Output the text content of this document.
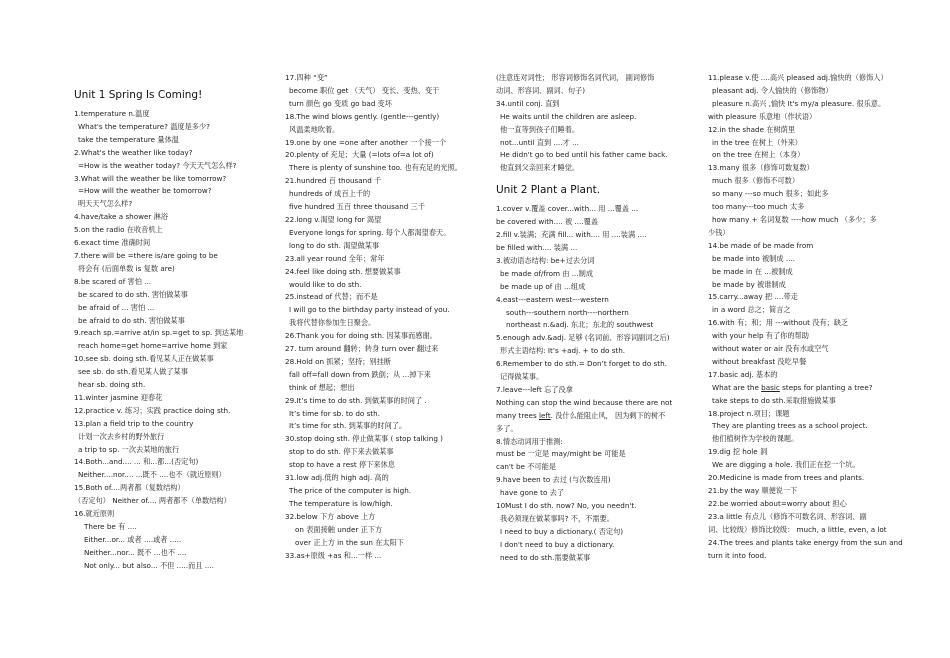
Unit 1 Spring Is Coming!
1.temperature n.温度
What's the temperature? 温度是多少?
take the temperature 量体温
2.What's the weather like today?
=How is the weather today? 今天天气怎么样?
3.What will the weather be like tomorrow?
=How will the weather be tomorrow?
明天天气怎么样?
4.have/take a shower 淋浴
5.on the radio 在收音机上
6.exact time 准确时间
7.there will be =there is/are going to be
将会有 (后面单数 is 复数 are)
8.be scared of 害怕 ...
be scared to do sth. 害怕做某事
be afraid of ... 害怕 ...
be afraid to do sth. 害怕做某事
9.reach sp.=arrive at/in sp.=get to sp. 到达某地
reach home=get home=arrive home 到家
10.see sb. doing sth.看见某人正在做某事
see sb. do sth.看见某人做了某事
hear sb. doing sth.
11.winter jasmine 迎春花
12.practice v. 练习；实践 practice doing sth.
13.plan a field trip to the country
计划一次去乡村的野外旅行
a trip to sp. 一次去某地的旅行
14.Both...and.... ... 和...都...(否定句)
Neither....nor.... ...既不 ....也不（就近原则）
15.Both of....两者都（复数结构）
（否定句） Neither of.... 两者都不（单数结构）
16.就近原则
There be 有 ....
Either...or... 或者 ....或者 .....
Neither...nor... 既不 ...也不 ....
Not only... but also... 不但 .....而且 ....
17.四种 “变”
become 职位 get （天气） 变长、变热、变干
turn 颜色 go 变质 go bad 变坏
18.The wind blows gently. (gentle---gently)
风温柔地吹着。
19.one by one =one after another 一个接一个
20.plenty of 充足；大量 (=lots of=a lot of)
There is plenty of sunshine too. 也有充足的光照。
21.hundred 百 thousand 千
hundreds of 成百上千的
five hundred 五百 three thousand 三千
22.long v.渴望 long for 渴望
Everyone longs for spring. 每个人都渴望春天。
long to do sth. 渴望做某事
23.all year round 全年；常年
24.feel like doing sth. 想要做某事
would like to do sth.
25.instead of 代替；而不是
I will go to the birthday party instead of you.
我将代替你参加生日聚会。
26.Thank you for doing sth. 因某事而感谢。
27. turn around 翻转；转身 turn over 翻过来
28.Hold on 抓紧；坚持；别挂断
fall off=fall down from 跌倒；从 ...掉下来
think of 想起；想出
29.It’s time to do sth. 到做某事的时间了 .
It’s time for sb. to do sth.
It’s time for sth. 到某事的时间了。
30.stop doing sth. 停止做某事 ( stop talking )
stop to do sth. 停下来去做某事
stop to have a rest 停下来休息
31.low adj.低的 high adj. 高的
The price of the computer is high.
The temperature is low/high.
32.below 下方 above 上方
on 表面接触 under 正下方
over 正上方 in the sun 在太阳下
33.as+原级 +as 和...一样 ...
(注意连对词性； 形容词修饰名词代词， 副词修饰
动词、形容词、副词、句子)
34.until conj. 直到
He waits until the children are asleep.
他一直等到孩子们睡着。
not...until 直到 ....才 ...
He didn't go to bed until his father came back.
他直到父亲回来才睡觉。
Unit 2 Plant a Plant.
1.cover v.覆盖 cover...with... 用 ...覆盖 ...
be covered with.... 被 ....覆盖
2.fill v.装满；充满 fill... with.... 用 ....装满 ....
be filled with.... 装满 ...
3.被动语态结构: be+过去分词
be made of/from 由 ...制成
be made up of 由 ...组成
4.east---eastern west---western
south---southern north----northern
northeast n.&adj. 东北；东北的 southwest
5.enough adv.&adj. 足够 (名词前、形容词副词之后)
形式主语结构: It’s +adj. + to do sth.
6.Remember to do sth.= Don’t forget to do sth.
记得做某事。
7.leave---left 忘了没拿
Nothing can stop the wind because there are not
many trees left. 没什么能阻止风， 因为剩下的树不
多了。
8.情态动词用于推测:
must be 一定是 may/might be 可能是
can't be 不可能是
9.have been to 去过 (与次数连用)
have gone to 去了
10Must I do sth. now? No, you needn't.
我必须现在做某事吗? 不，不需要。
I need to buy a dictionary.( 否定句)
I don't need to buy a dictionary.
need to do sth.需要做某事
11.please v.使 ....高兴 pleased adj.愉快的（修饰人）
pleasant adj. 令人愉快的（修饰物）
pleasure n.高兴 ,愉快 It's my/a pleasure. 很乐意。
with pleasure 乐意地（作状语）
12.in the shade 在树荫里
in the tree 在树上（外来）
on the tree 在树上（本身）
13.many 很多（修饰可数复数）
much 很多（修饰不可数）
so many ---so much 很多；如此多
too many---too much 太多
how many + 名词复数 ----how much （多少；多
少钱）
14.be made of be made from
be made into 被制成 ....
be made in 在 ...被制成
be made by 被谁制成
15.carry...away 把 ....带走
in a word 总之；简言之
16.with 有；和；用 ---without 没有；缺乏
with your help 有了你的帮助
without water or air 没有水或空气
without breakfast 没吃早餐
17.basic adj. 基本的
What are the basic steps for planting a tree?
take steps to do sth.采取措施做某事
18.project n.项目；课题
They are planting trees as a school project.
他们植树作为学校的课题。
19.dig 挖 hole 洞
We are digging a hole. 我们正在挖一个坑。
20.Medicine is made from trees and plants.
21.by the way 顺便说一下
22.be worried about=worry about 担心
23.a little 有点儿（修饰不可数名词、形容词、副
词、比较级）修饰比较级： much, a little, even, a lot
24.The trees and plants take energy from the sun and
turn it into food.
